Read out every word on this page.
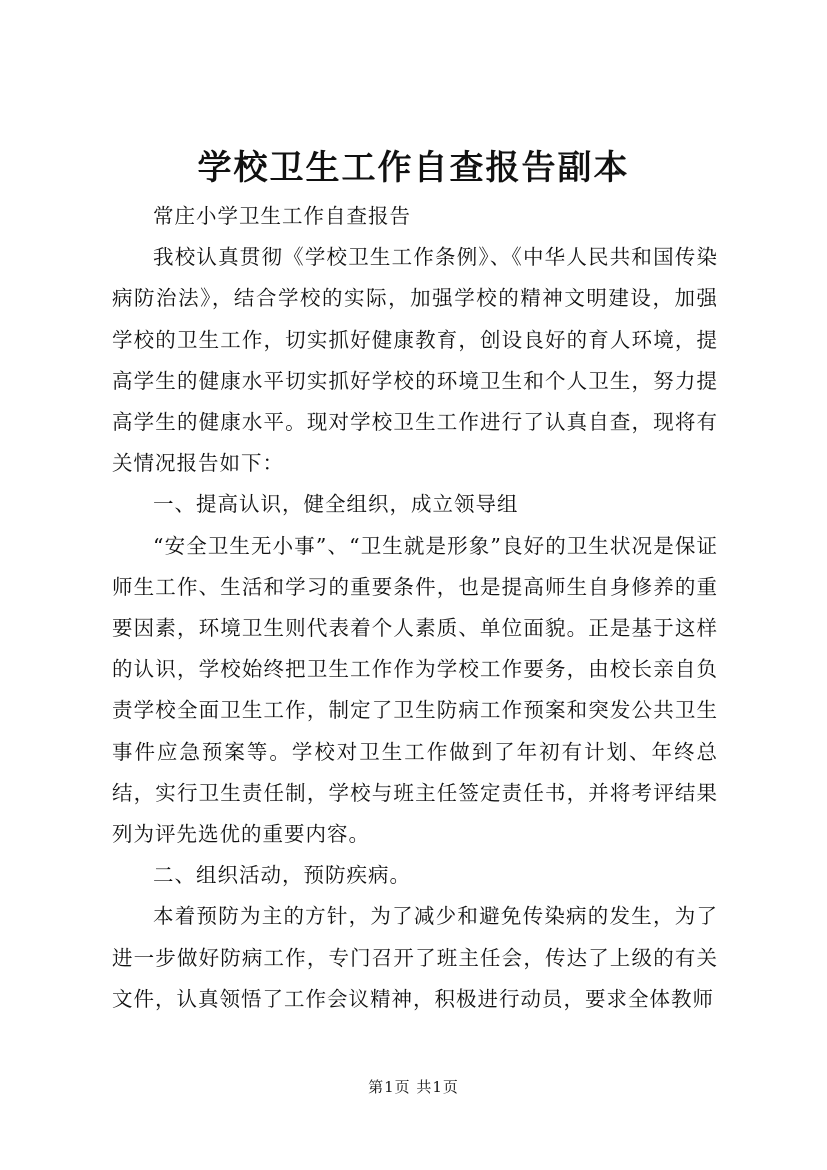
学校卫生工作自查报告副本

常庄小学卫生工作自查报告

我校认真贯彻《学校卫生工作条例》、《中华人民共和国传染病防治法》，结合学校的实际，加强学校的精神文明建设，加强学校的卫生工作，切实抓好健康教育，创设良好的育人环境，提高学生的健康水平切实抓好学校的环境卫生和个人卫生，努力提高学生的健康水平。现对学校卫生工作进行了认真自查，现将有关情况报告如下：

一、提高认识，健全组织，成立领导组

“安全卫生无小事”、“卫生就是形象”良好的卫生状况是保证师生工作、生活和学习的重要条件，也是提高师生自身修养的重要因素，环境卫生则代表着个人素质、单位面貌。正是基于这样的认识，学校始终把卫生工作作为学校工作要务，由校长亲自负责学校全面卫生工作，制定了卫生防病工作预案和突发公共卫生事件应急预案等。学校对卫生工作做到了年初有计划、年终总结，实行卫生责任制，学校与班主任签定责任书，并将考评结果列为评先选优的重要内容。

二、组织活动，预防疾病。

本着预防为主的方针，为了减少和避免传染病的发生，为了进一步做好防病工作，专门召开了班主任会，传达了上级的有关文件，认真领悟了工作会议精神，积极进行动员，要求全体教师

第1页 共1页
